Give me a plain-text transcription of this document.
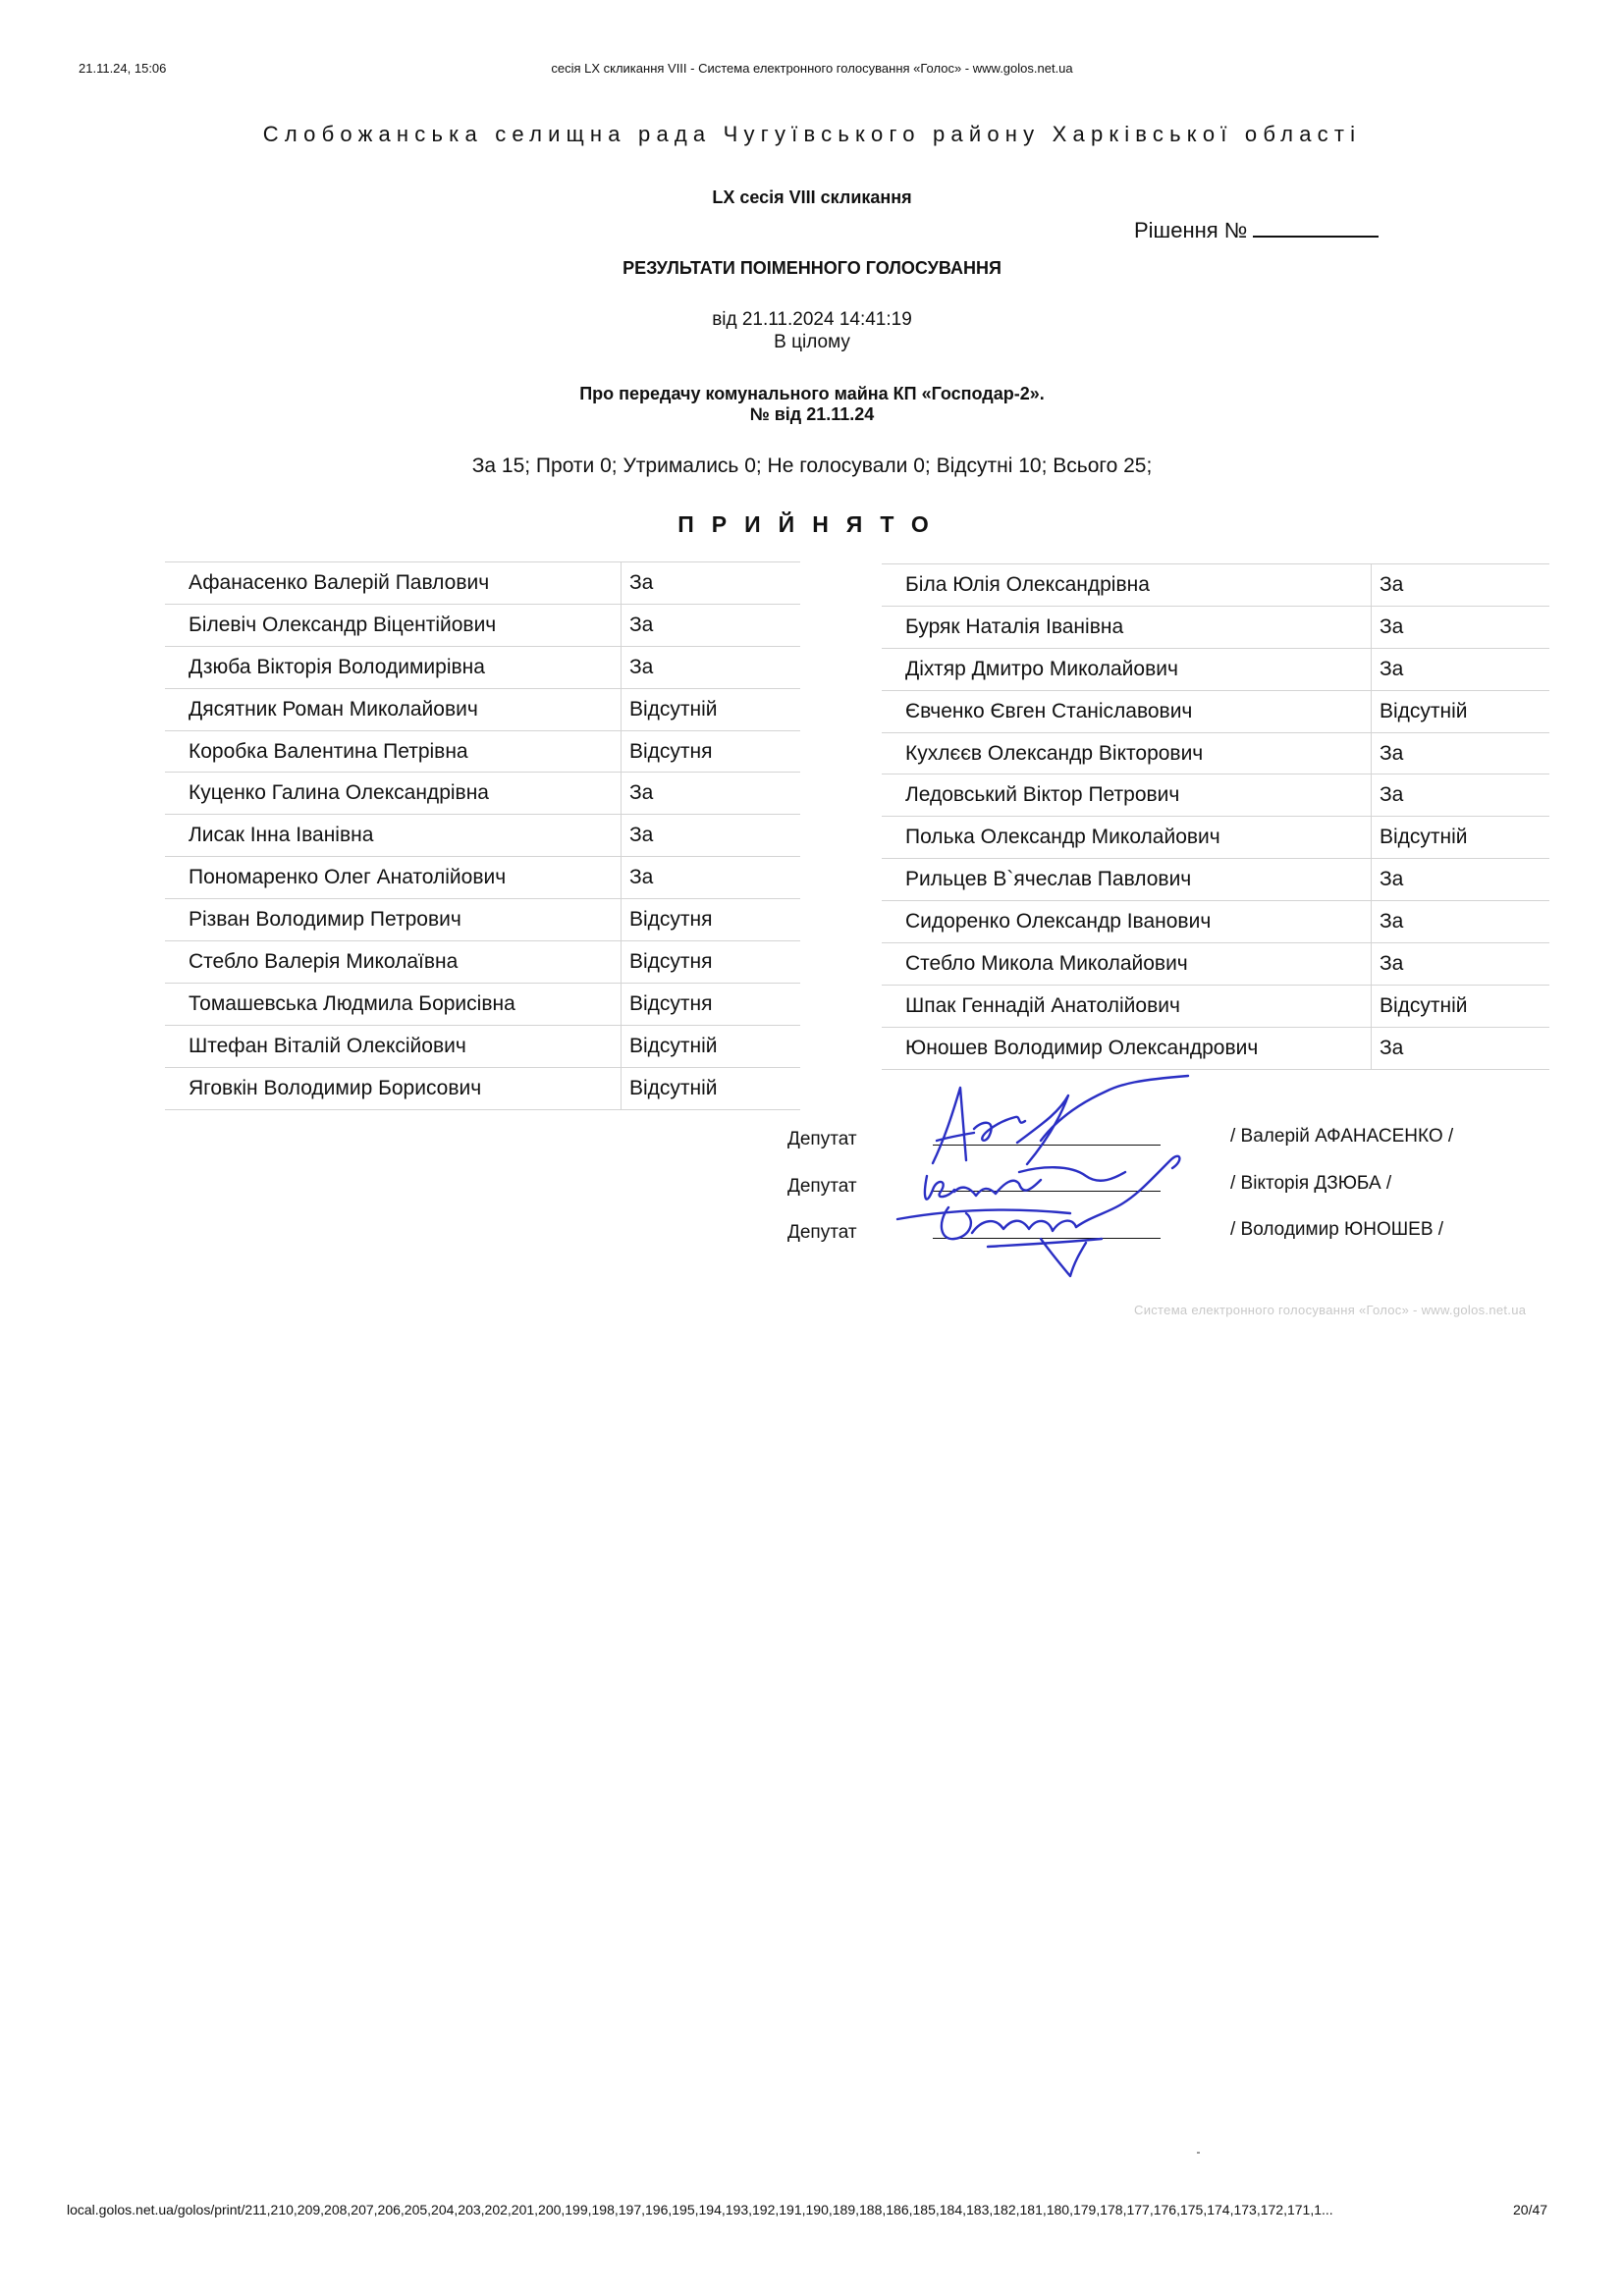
21.11.24, 15:06	сесія LX скликання VIII - Система електронного голосування «Голос» - www.golos.net.ua
Слобожанська селищна рада Чугуївського району Харківської області
LX сесія VIII скликання
Рішення №
РЕЗУЛЬТАТИ ПОІМЕННОГО ГОЛОСУВАННЯ
від 21.11.2024 14:41:19
В цілому
Про передачу комунального майна КП «Господар-2».
№ від 21.11.24
За 15; Проти 0; Утримались 0; Не голосували 0; Відсутні 10; Всього 25;
ПРИЙНЯТО
Афанасенко Валерій Павлович	За
Білевіч Олександр Віцентійович	За
Дзюба Вікторія Володимирівна	За
Дясятник Роман Миколайович	Відсутній
Коробка Валентина Петрівна	Відсутня
Куценко Галина Олександрівна	За
Лисак Інна Іванівна	За
Пономаренко Олег Анатолійович	За
Різван Володимир Петрович	Відсутня
Стебло Валерія Миколаївна	Відсутня
Томашевська Людмила Борисівна	Відсутня
Штефан Віталій Олексійович	Відсутній
Яговкін Володимир Борисович	Відсутній
Біла Юлія Олександрівна	За
Буряк Наталія Іванівна	За
Діхтяр Дмитро Миколайович	За
Євченко Євген Станіславович	Відсутній
Кухлєєв Олександр Вікторович	За
Ледовський Віктор Петрович	За
Полька Олександр Миколайович	Відсутній
Рильцев В`ячеслав Павлович	За
Сидоренко Олександр Іванович	За
Стебло Микола Миколайович	За
Шпак Геннадій Анатолійович	Відсутній
Юношев Володимир Олександрович	За
Депутат
Депутат
Депутат
/ Валерій АФАНАСЕНКО /
/ Вікторія ДЗЮБА /
/ Володимир ЮНОШЕВ /
Система електронного голосування «Голос» - www.golos.net.ua
local.golos.net.ua/golos/print/211,210,209,208,207,206,205,204,203,202,201,200,199,198,197,196,195,194,193,192,191,190,189,188,186,185,184,183,182,181,180,179,178,177,176,175,174,173,172,171,1...	20/47
